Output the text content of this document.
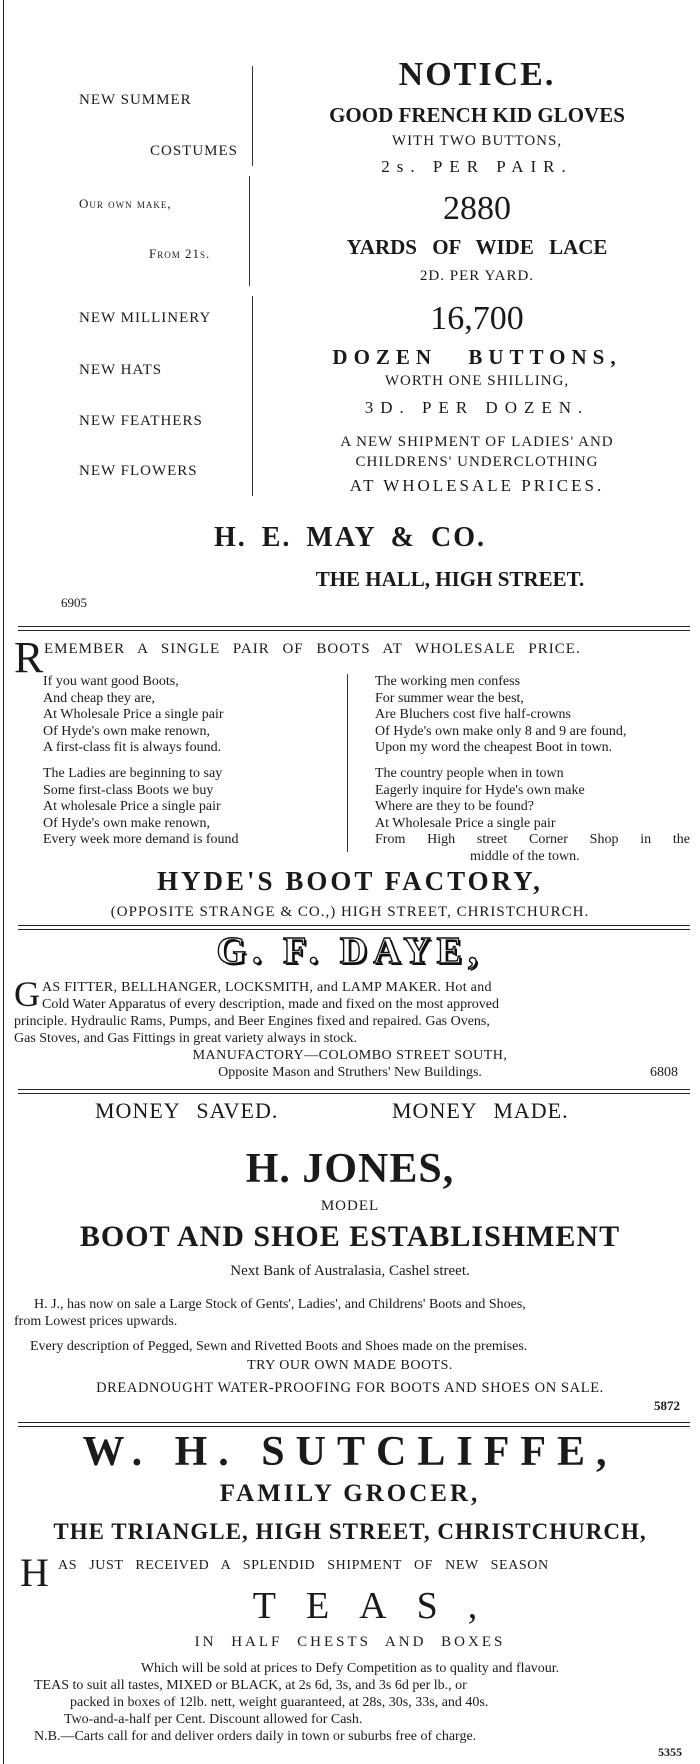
NEW SUMMER
COSTUMES
Our own make,
From 21s.
NEW MILLINERY
NEW HATS
NEW FEATHERS
NEW FLOWERS
NOTICE.
GOOD FRENCH KID GLOVES
WITH TWO BUTTONS,
2s. PER PAIR.
2880
YARDS OF WIDE LACE
2D. PER YARD.
16,700
DOZEN BUTTONS,
WORTH ONE SHILLING,
3D. PER DOZEN.
A NEW SHIPMENT OF LADIES' AND
CHILDRENS' UNDERCLOTHING
AT WHOLESALE PRICES.
H. E. MAY & CO.
THE HALL, HIGH STREET.
6905
R EMEMBER A SINGLE PAIR OF BOOTS AT WHOLESALE PRICE.
If you want good Boots,
And cheap they are,
At Wholesale Price a single pair
Of Hyde's own make renown,
A first-class fit is always found.
The Ladies are beginning to say
Some first-class Boots we buy
At wholesale Price a single pair
Of Hyde's own make renown,
Every week more demand is found
The working men confess
For summer wear the best,
Are Bluchers cost five half-crowns
Of Hyde's own make only 8 and 9 are found,
Upon my word the cheapest Boot in town.
The country people when in town
Eagerly inquire for Hyde's own make
Where are they to be found?
At Wholesale Price a single pair
From High street Corner Shop in the
middle of the town.
HYDE'S BOOT FACTORY,
(OPPOSITE STRANGE & CO.,) HIGH STREET, CHRISTCHURCH.
G. F. DAYE,
G AS FITTER, BELLHANGER, LOCKSMITH, and LAMP MAKER. Hot and
Cold Water Apparatus of every description, made and fixed on the most approved
principle. Hydraulic Rams, Pumps, and Beer Engines fixed and repaired. Gas Ovens,
Gas Stoves, and Gas Fittings in great variety always in stock.
MANUFACTORY—COLOMBO STREET SOUTH,
Opposite Mason and Struthers' New Buildings.	6808
MONEY SAVED.	MONEY MADE.
H. JONES,
MODEL
BOOT AND SHOE ESTABLISHMENT
Next Bank of Australasia, Cashel street.
H. J., has now on sale a Large Stock of Gents', Ladies', and Childrens' Boots and Shoes,
from Lowest prices upwards.
Every description of Pegged, Sewn and Rivetted Boots and Shoes made on the premises.
TRY OUR OWN MADE BOOTS.
DREADNOUGHT WATER-PROOFING FOR BOOTS AND SHOES ON SALE.
5872
W. H. SUTCLIFFE,
FAMILY GROCER,
THE TRIANGLE, HIGH STREET, CHRISTCHURCH,
H AS JUST RECEIVED A SPLENDID SHIPMENT OF NEW SEASON
TEAS,
IN HALF CHESTS AND BOXES
Which will be sold at prices to Defy Competition as to quality and flavour.
TEAS to suit all tastes, MIXED or BLACK, at 2s 6d, 3s, and 3s 6d per lb., or
packed in boxes of 12lb. nett, weight guaranteed, at 28s, 30s, 33s, and 40s.
Two-and-a-half per Cent. Discount allowed for Cash.
N.B.—Carts call for and deliver orders daily in town or suburbs free of charge.
5355
